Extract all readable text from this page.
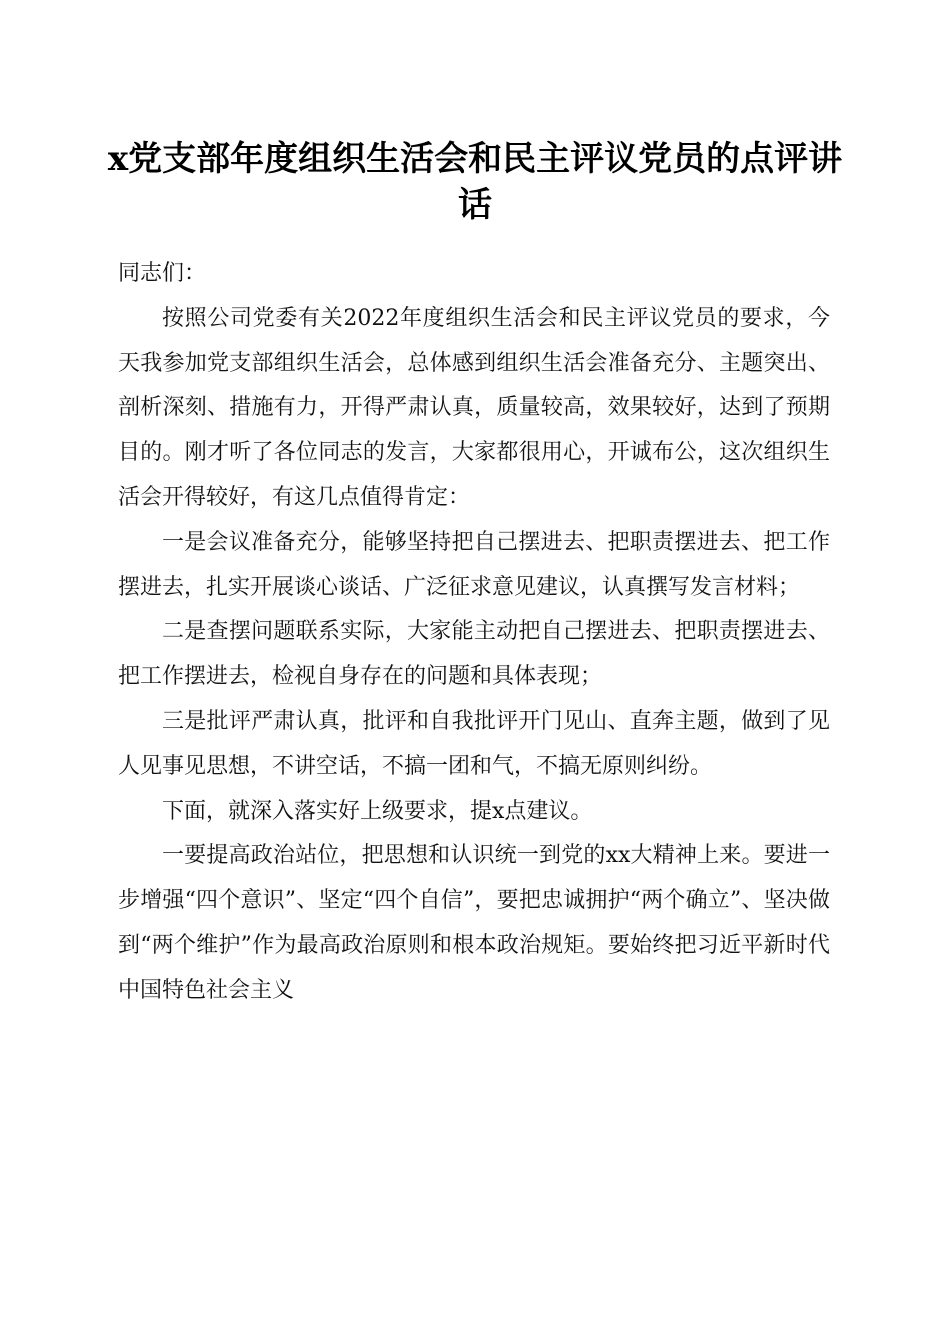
x党支部年度组织生活会和民主评议党员的点评讲话

同志们：

按照公司党委有关2022年度组织生活会和民主评议党员的要求，今天我参加党支部组织生活会，总体感到组织生活会准备充分、主题突出、剖析深刻、措施有力，开得严肃认真，质量较高，效果较好，达到了预期目的。刚才听了各位同志的发言，大家都很用心，开诚布公，这次组织生活会开得较好，有这几点值得肯定：

一是会议准备充分，能够坚持把自己摆进去、把职责摆进去、把工作摆进去，扎实开展谈心谈话、广泛征求意见建议，认真撰写发言材料；

二是查摆问题联系实际，大家能主动把自己摆进去、把职责摆进去、把工作摆进去，检视自身存在的问题和具体表现；

三是批评严肃认真，批评和自我批评开门见山、直奔主题，做到了见人见事见思想，不讲空话，不搞一团和气，不搞无原则纠纷。

下面，就深入落实好上级要求，提x点建议。

一要提高政治站位，把思想和认识统一到党的xx大精神上来。要进一步增强“四个意识”、坚定“四个自信”，要把忠诚拥护“两个确立”、坚决做到“两个维护”作为最高政治原则和根本政治规矩。要始终把习近平新时代中国特色社会主义
